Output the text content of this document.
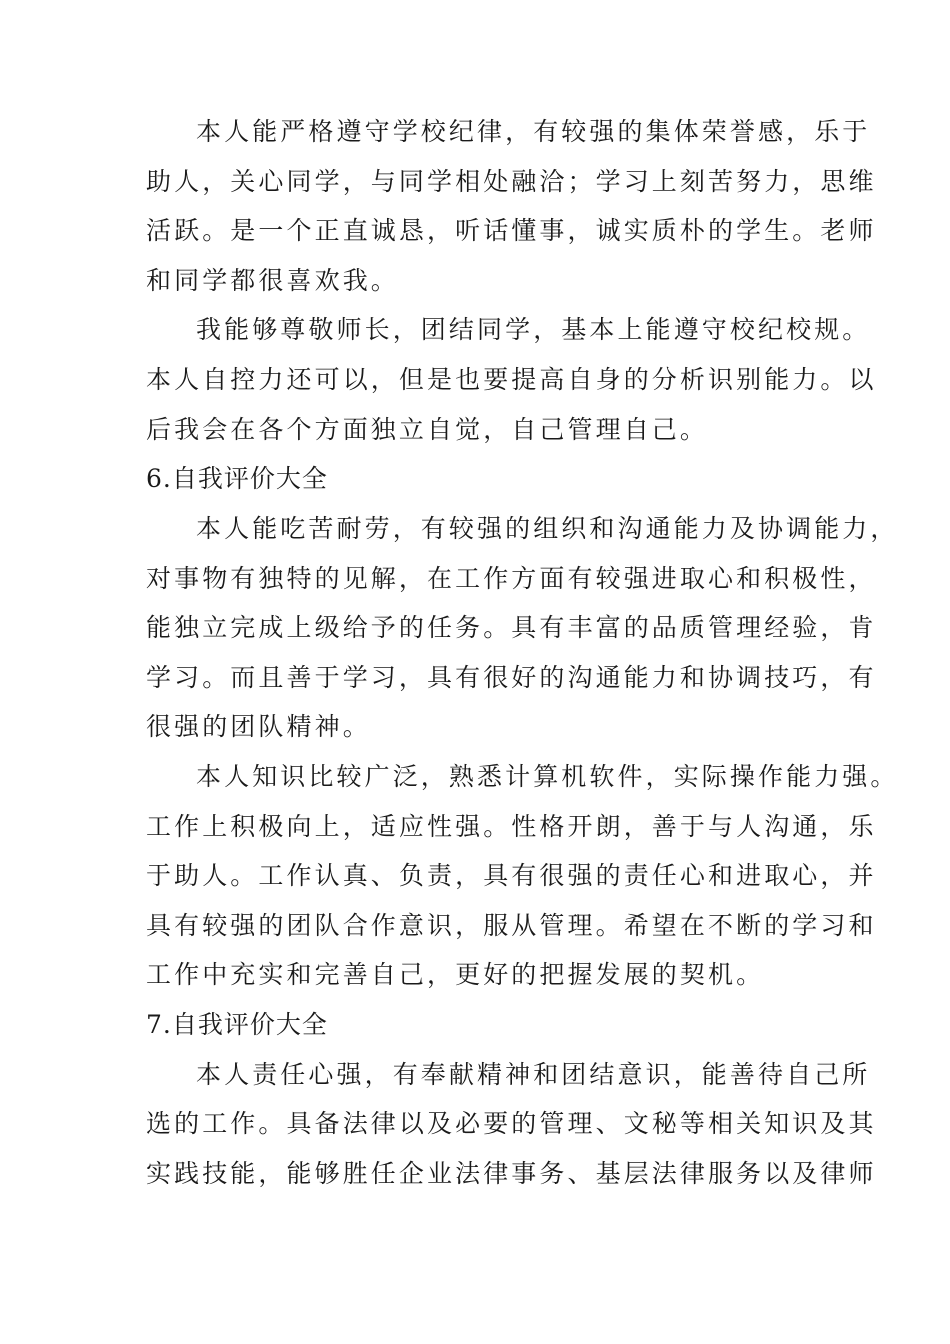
本人能严格遵守学校纪律，有较强的集体荣誉感，乐于
助人，关心同学，与同学相处融洽；学习上刻苦努力，思维
活跃。是一个正直诚恳，听话懂事，诚实质朴的学生。老师
和同学都很喜欢我。
我能够尊敬师长，团结同学，基本上能遵守校纪校规。
本人自控力还可以，但是也要提高自身的分析识别能力。以
后我会在各个方面独立自觉，自己管理自己。
6.自我评价大全
本人能吃苦耐劳，有较强的组织和沟通能力及协调能力，
对事物有独特的见解，在工作方面有较强进取心和积极性，
能独立完成上级给予的任务。具有丰富的品质管理经验，肯
学习。而且善于学习，具有很好的沟通能力和协调技巧，有
很强的团队精神。
本人知识比较广泛，熟悉计算机软件，实际操作能力强。
工作上积极向上，适应性强。性格开朗，善于与人沟通，乐
于助人。工作认真、负责，具有很强的责任心和进取心，并
具有较强的团队合作意识，服从管理。希望在不断的学习和
工作中充实和完善自己，更好的把握发展的契机。
7.自我评价大全
本人责任心强，有奉献精神和团结意识，能善待自己所
选的工作。具备法律以及必要的管理、文秘等相关知识及其
实践技能，能够胜任企业法律事务、基层法律服务以及律师
